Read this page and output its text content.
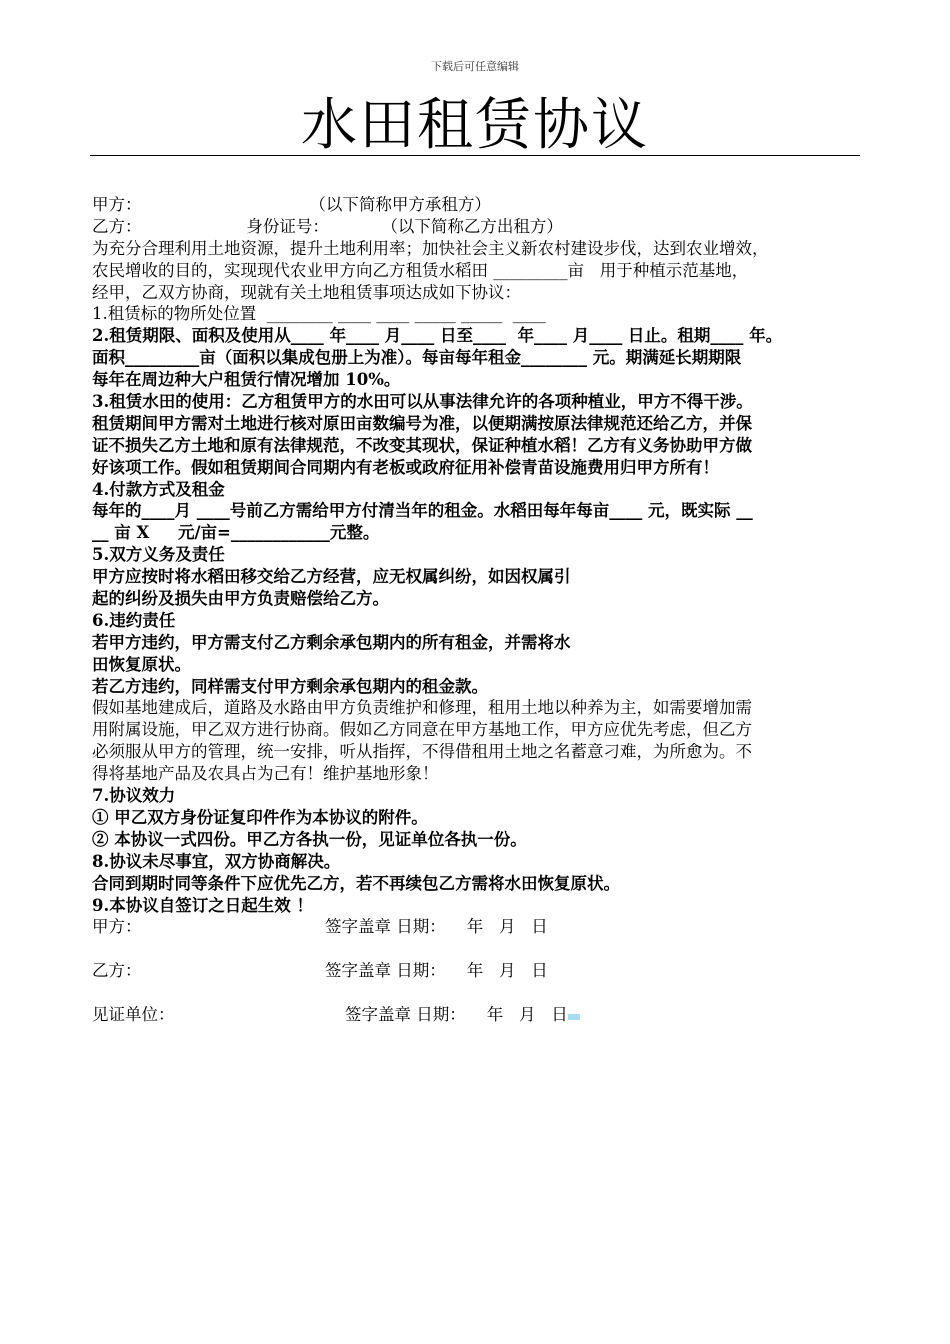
下载后可任意编辑
水田租赁协议
甲方：                                （以下简称甲方承租方）
乙方：                    身份证号：          （以下简称乙方出租方）
为充分合理利用土地资源，提升土地利用率；加快社会主义新农村建设步伐，达到农业增效，
农民增收的目的，实现现代农业甲方向乙方租赁水稻田 _________亩   用于种植示范基地，
经甲，乙双方协商，现就有关土地租赁事项达成如下协议：
1.租赁标的物所处位置  ________ ____ ____ _____ _____  ____
2.租赁期限、面积及使用从____ 年____ 月____ 日至____  年____ 月____ 日止。租期____ 年。
面积_________亩（面积以集成包册上为准）。每亩每年租金________ 元。期满延长期期限
每年在周边种大户租赁行情况增加 10%。
3.租赁水田的使用：乙方租赁甲方的水田可以从事法律允许的各项种植业，甲方不得干涉。
租赁期间甲方需对土地进行核对原田亩数编号为准，以便期满按原法律规范还给乙方，并保
证不损失乙方土地和原有法律规范，不改变其现状，保证种植水稻！乙方有义务协助甲方做
好该项工作。假如租赁期间合同期内有老板或政府征用补偿青苗设施费用归甲方所有！
4.付款方式及租金
每年的____月 ____号前乙方需给甲方付清当年的租金。水稻田每年每亩____ 元，既实际 __
__ 亩 X     元/亩=____________元整。
5.双方义务及责任
甲方应按时将水稻田移交给乙方经营，应无权属纠纷，如因权属引
起的纠纷及损失由甲方负责赔偿给乙方。
6.违约责任
若甲方违约，甲方需支付乙方剩余承包期内的所有租金，并需将水
田恢复原状。
若乙方违约，同样需支付甲方剩余承包期内的租金款。
假如基地建成后，道路及水路由甲方负责维护和修理，租用土地以种养为主，如需要增加需
用附属设施，甲乙双方进行协商。假如乙方同意在甲方基地工作，甲方应优先考虑，但乙方
必须服从甲方的管理，统一安排，听从指挥，不得借租用土地之名蓄意刁难，为所愈为。不
得将基地产品及农具占为己有！维护基地形象！
7.协议效力
① 甲乙双方身份证复印件作为本协议的附件。
② 本协议一式四份。甲乙方各执一份，见证单位各执一份。
8.协议未尽事宜，双方协商解决。
合同到期时同等条件下应优先乙方，若不再续包乙方需将水田恢复原状。
9.本协议自签订之日起生效 ！

甲方：

	签字盖章 日期：    年   月   日

乙方：

	签字盖章 日期：    年   月   日

见证单位：

	签字盖章 日期：    年   月   日
